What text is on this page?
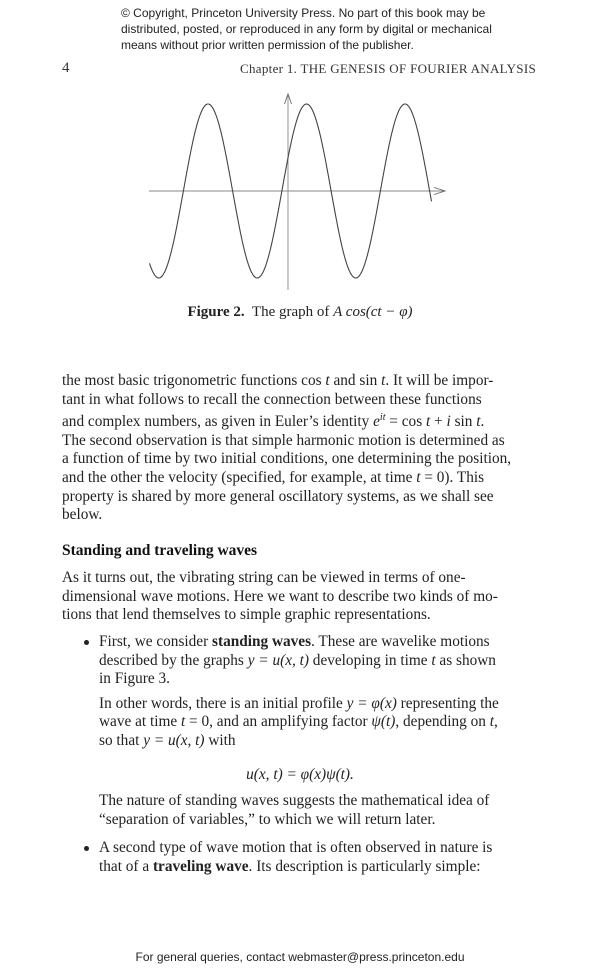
© Copyright, Princeton University Press. No part of this book may be
distributed, posted, or reproduced in any form by digital or mechanical
means without prior written permission of the publisher.
4	Chapter 1. THE GENESIS OF FOURIER ANALYSIS
Figure 2. The graph of A cos(ct − φ)

the most basic trigonometric functions cos t and sin t. It will be impor-

tant in what follows to recall the connection between these functions

and complex numbers, as given in Euler’s identity $e^{it} = \cos t + i$ sin t.

The second observation is that simple harmonic motion is determined as

a function of time by two initial conditions, one determining the position,

and the other the velocity (specified, for example, at time t = 0). This

property is shared by more general oscillatory systems, as we shall see

below.

Standing and traveling waves

As it turns out, the vibrating string can be viewed in terms of one-

dimensional wave motions. Here we want to describe two kinds of mo-

tions that lend themselves to simple graphic representations.

First, we consider standing waves. These are wavelike motions

described by the graphs y = u(x, t) developing in time t as shown

in Figure 3.

In other words, there is an initial profile y = φ(x) representing the

wave at time t = 0, and an amplifying factor ψ(t), depending on t,

so that y = u(x, t) with

u(x, t) = φ(x)ψ(t).

The nature of standing waves suggests the mathematical idea of

“separation of variables,” to which we will return later.

A second type of wave motion that is often observed in nature is

that of a traveling wave. Its description is particularly simple:

For general queries, contact webmaster@press.princeton.edu
